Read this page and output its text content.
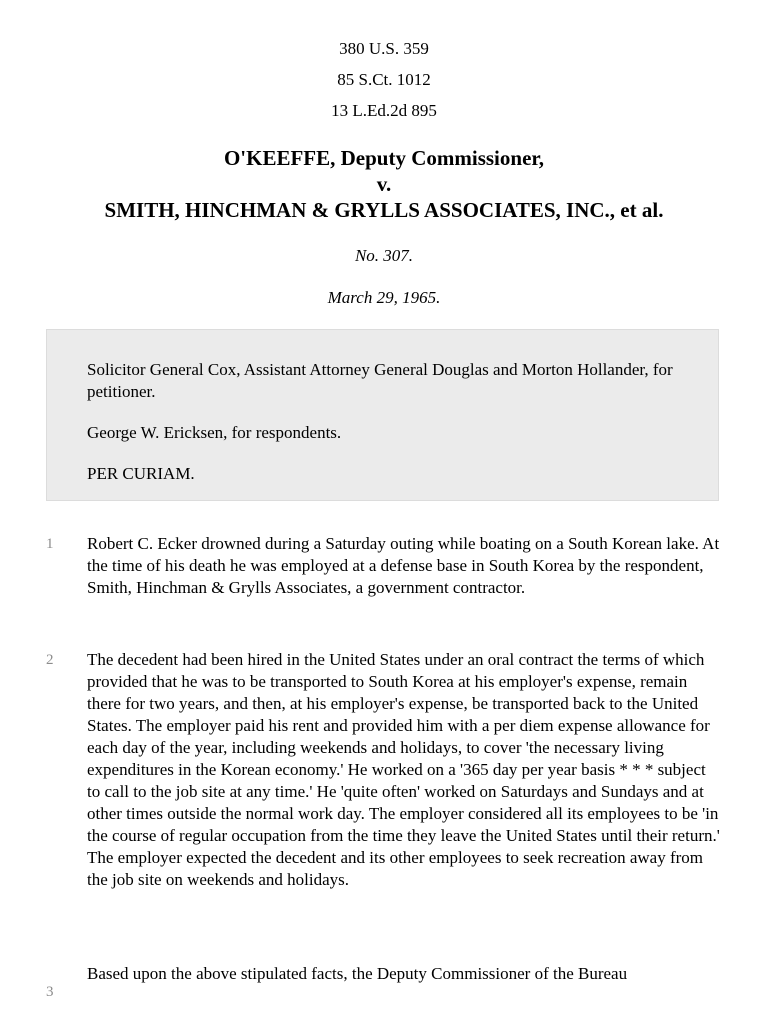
380 U.S. 359
85 S.Ct. 1012
13 L.Ed.2d 895
O'KEEFFE, Deputy Commissioner,
v.
SMITH, HINCHMAN & GRYLLS ASSOCIATES, INC., et al.
No. 307.
March 29, 1965.

Solicitor General Cox, Assistant Attorney General Douglas and Morton Hollander, for petitioner.

George W. Ericksen, for respondents.

PER CURIAM.

1 Robert C. Ecker drowned during a Saturday outing while boating on a South Korean lake. At the time of his death he was employed at a defense base in South Korea by the respondent, Smith, Hinchman & Grylls Associates, a government contractor.

2 The decedent had been hired in the United States under an oral contract the terms of which provided that he was to be transported to South Korea at his employer's expense, remain there for two years, and then, at his employer's expense, be transported back to the United States. The employer paid his rent and provided him with a per diem expense allowance for each day of the year, including weekends and holidays, to cover 'the necessary living expenditures in the Korean economy.' He worked on a '365 day per year basis * * * subject to call to the job site at any time.' He 'quite often' worked on Saturdays and Sundays and at other times outside the normal work day. The employer considered all its employees to be 'in the course of regular occupation from the time they leave the United States until their return.' The employer expected the decedent and its other employees to seek recreation away from the job site on weekends and holidays.

3

Based upon the above stipulated facts, the Deputy Commissioner of the Bureau
